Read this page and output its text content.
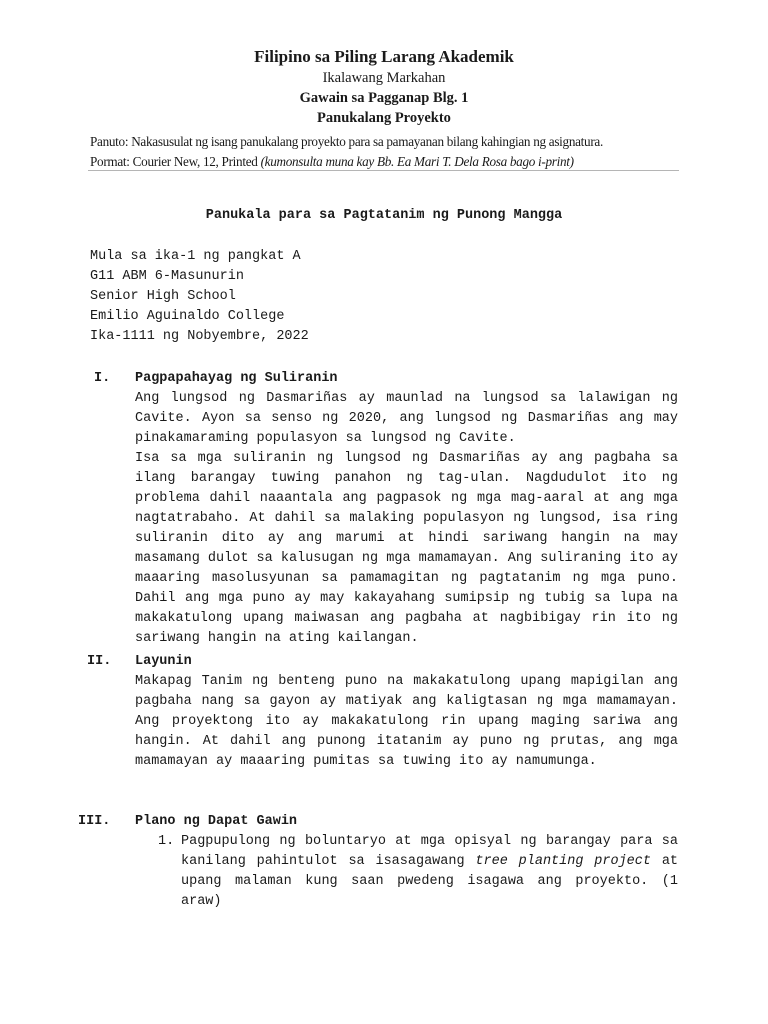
Filipino sa Piling Larang Akademik
Ikalawang Markahan
Gawain sa Pagganap Blg. 1
Panukalang Proyekto
Panuto: Nakasusulat ng isang panukalang proyekto para sa pamayanan bilang kahingian ng asignatura.
Pormat: Courier New, 12, Printed (kumonsulta muna kay Bb. Ea Mari T. Dela Rosa bago i-print)
Panukala para sa Pagtatanim ng Punong Mangga
Mula sa ika-1 ng pangkat A
G11 ABM 6-Masunurin
Senior High School
Emilio Aguinaldo College
Ika-1111 ng Nobyembre, 2022
I. Pagpapahayag ng Suliranin

Ang lungsod ng Dasmariñas ay maunlad na lungsod sa lalawigan ng Cavite. Ayon sa senso ng 2020, ang lungsod ng Dasmariñas ang may pinakamaraming populasyon sa lungsod ng Cavite.

Isa sa mga suliranin ng lungsod ng Dasmariñas ay ang pagbaha sa ilang barangay tuwing panahon ng tag-ulan. Nagdudulot ito ng problema dahil naaantala ang pagpasok ng mga mag-aaral at ang mga nagtatrabaho. At dahil sa malaking populasyon ng lungsod, isa ring suliranin dito ay ang marumi at hindi sariwang hangin na may masamang dulot sa kalusugan ng mga mamamayan. Ang suliraning ito ay maaaring masolusyunan sa pamamagitan ng pagtatanim ng mga puno. Dahil ang mga puno ay may kakayahang sumipsip ng tubig sa lupa na makakatulong upang maiwasan ang pagbaha at nagbibigay rin ito ng sariwang hangin na ating kailangan.

II. Layunin

Makapag Tanim ng benteng puno na makakatulong upang mapigilan ang pagbaha nang sa gayon ay matiyak ang kaligtasan ng mga mamamayan. Ang proyektong ito ay makakatulong rin upang maging sariwa ang hangin. At dahil ang punong itatanim ay puno ng prutas, ang mga mamamayan ay maaaring pumitas sa tuwing ito ay namumunga.

III. Plano ng Dapat Gawin
1. Pagpupulong ng boluntaryo at mga opisyal ng barangay para sa kanilang pahintulot sa isasagawang tree planting project at upang malaman kung saan pwedeng isagawa ang proyekto. (1 araw)
